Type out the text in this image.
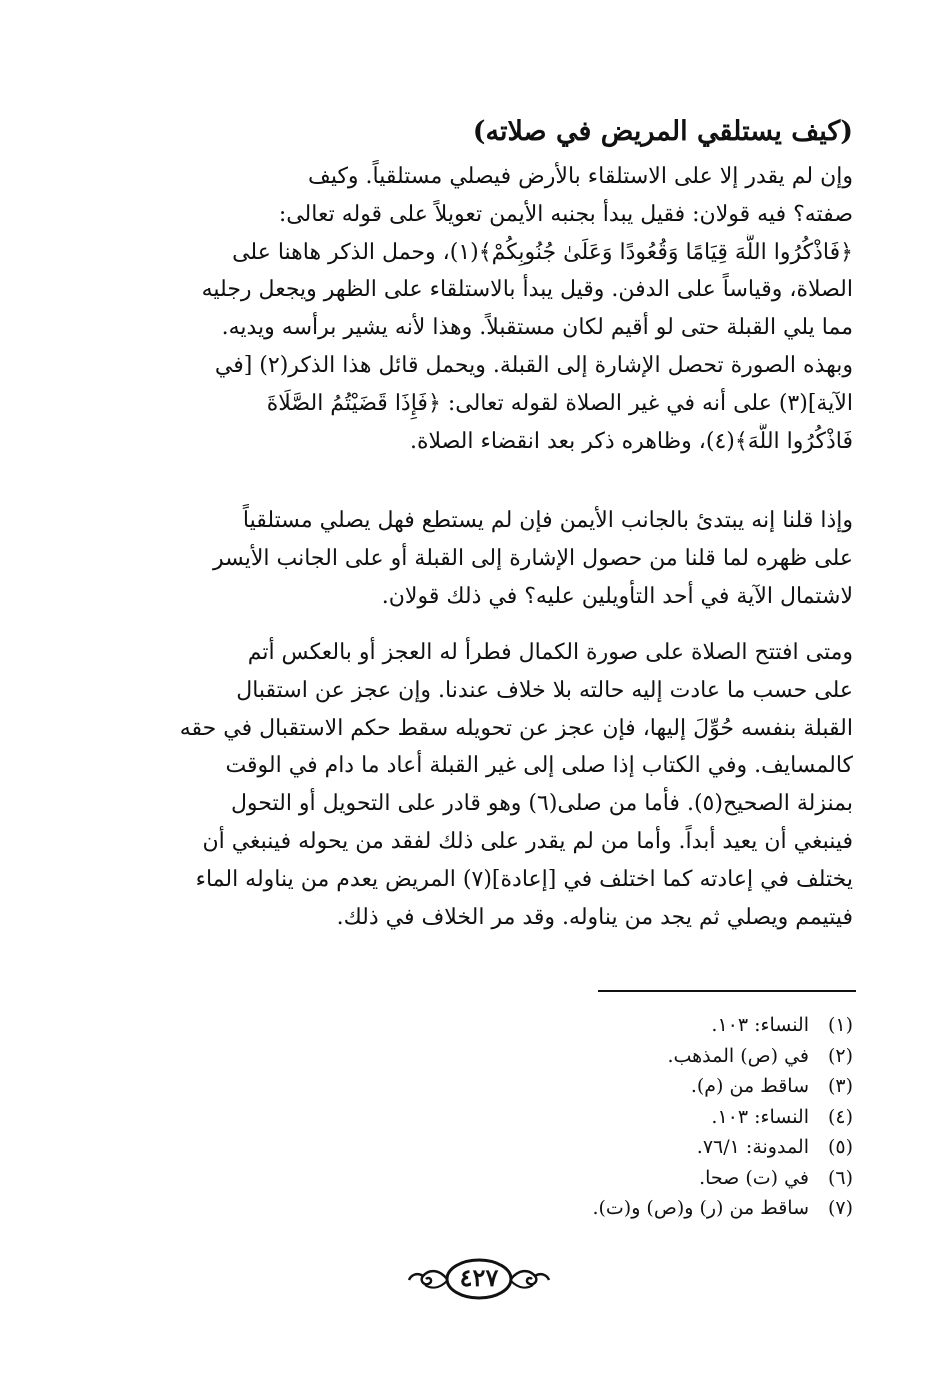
(كيف يستلقي المريض في صلاته)
وإن لم يقدر إلا على الاستلقاء بالأرض فيصلي مستلقياً. وكيف
صفته؟ فيه قولان: فقيل يبدأ بجنبه الأيمن تعويلاً على قوله تعالى:
﴿فَاذْكُرُوا اللَّهَ قِيَامًا وَقُعُودًا وَعَلَىٰ جُنُوبِكُمْ﴾(١)، وحمل الذكر هاهنا على
الصلاة، وقياساً على الدفن. وقيل يبدأ بالاستلقاء على الظهر ويجعل رجليه
مما يلي القبلة حتى لو أقيم لكان مستقبلاً. وهذا لأنه يشير برأسه ويديه.
وبهذه الصورة تحصل الإشارة إلى القبلة. ويحمل قائل هذا الذكر(٢) [في
الآية](٣) على أنه في غير الصلاة لقوله تعالى: ﴿فَإِذَا قَضَيْتُمُ الصَّلَاةَ
فَاذْكُرُوا اللَّهَ﴾(٤)، وظاهره ذكر بعد انقضاء الصلاة.
وإذا قلنا إنه يبتدئ بالجانب الأيمن فإن لم يستطع فهل يصلي مستلقياً
على ظهره لما قلنا من حصول الإشارة إلى القبلة أو على الجانب الأيسر
لاشتمال الآية في أحد التأويلين عليه؟ في ذلك قولان.
ومتى افتتح الصلاة على صورة الكمال فطرأ له العجز أو بالعكس أتم
على حسب ما عادت إليه حالته بلا خلاف عندنا. وإن عجز عن استقبال
القبلة بنفسه حُوِّلَ إليها، فإن عجز عن تحويله سقط حكم الاستقبال في حقه
كالمسايف. وفي الكتاب إذا صلى إلى غير القبلة أعاد ما دام في الوقت
بمنزلة الصحيح(٥). فأما من صلى(٦) وهو قادر على التحويل أو التحول
فينبغي أن يعيد أبداً. وأما من لم يقدر على ذلك لفقد من يحوله فينبغي أن
يختلف في إعادته كما اختلف في [إعادة](٧) المريض يعدم من يناوله الماء
فيتيمم ويصلي ثم يجد من يناوله. وقد مر الخلاف في ذلك.
(١)النساء: ١٠٣.
(٢)في (ص) المذهب.
(٣)ساقط من (م).
(٤)النساء: ١٠٣.
(٥)المدونة: ٧٦/١.
(٦)في (ت) صحا.
(٧)ساقط من (ر) و(ص) و(ت).
٤٢٧
